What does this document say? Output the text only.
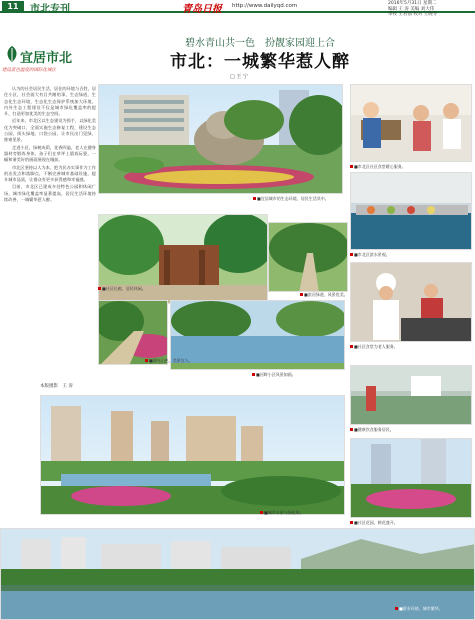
11	市北专刊	青岛日报 http://www.dailyqd.com	2016年5月31日 星期二
编辑 王 涛 美编 刘大伟
审校 王君仙 校对 王晓冬
宜居市北
建设蓝色温度的国际化城区
碧水青山共一色　扮靓家园迎上合
市北：一城繁华惹人醉
□ 王 宁

认为的社会居民生活，居住的环境与百姓，居住小区，社会面大有目共睹的事，生态绿道，生态化生态环境，生态化生态保护系统加大环境，内外生态工程建设不仅是城市绿化覆盖率的提升，打造更加优美的生态空间。

近年来，市北区以生态建设为抓手，以绿化美化为突破口，全面实施生态修复工程，建设生态公园、街头绿地、口袋公园，让市民出门见绿、推窗见景。

走进小区，绿树成荫，花香四溢，老人在健身器材旁锻炼身体，孩子们在草坪上嬉戏玩耍，一幅和谐美好的画面展现在眼前。

市北区坚持以人为本，把为民办实事作为工作的出发点和落脚点，不断完善城市基础设施，提升城市品质，让群众有更多获得感和幸福感。

目前，市北区已建成多处特色公园和休闲广场，城市绿化覆盖率显著提高，居民生活环境持续改善，一城繁华惹人醉。

本版摄影　王 涛
■宜居城市的生态环境，居民生活其中。
■市北区社区食堂暖心服务。
■市北区滨水景观。
■社区长廊，居民休闲。
■滨河绿道，风景优美。
■社区食堂为老人服务。
■湖光山色，美景宜人。
■河畔小区风景如画。
■健康饮食服务居民。
■社区花园，鲜花盛开。
■城市水景与绿化带。
■碧水环绕，城市繁华。
